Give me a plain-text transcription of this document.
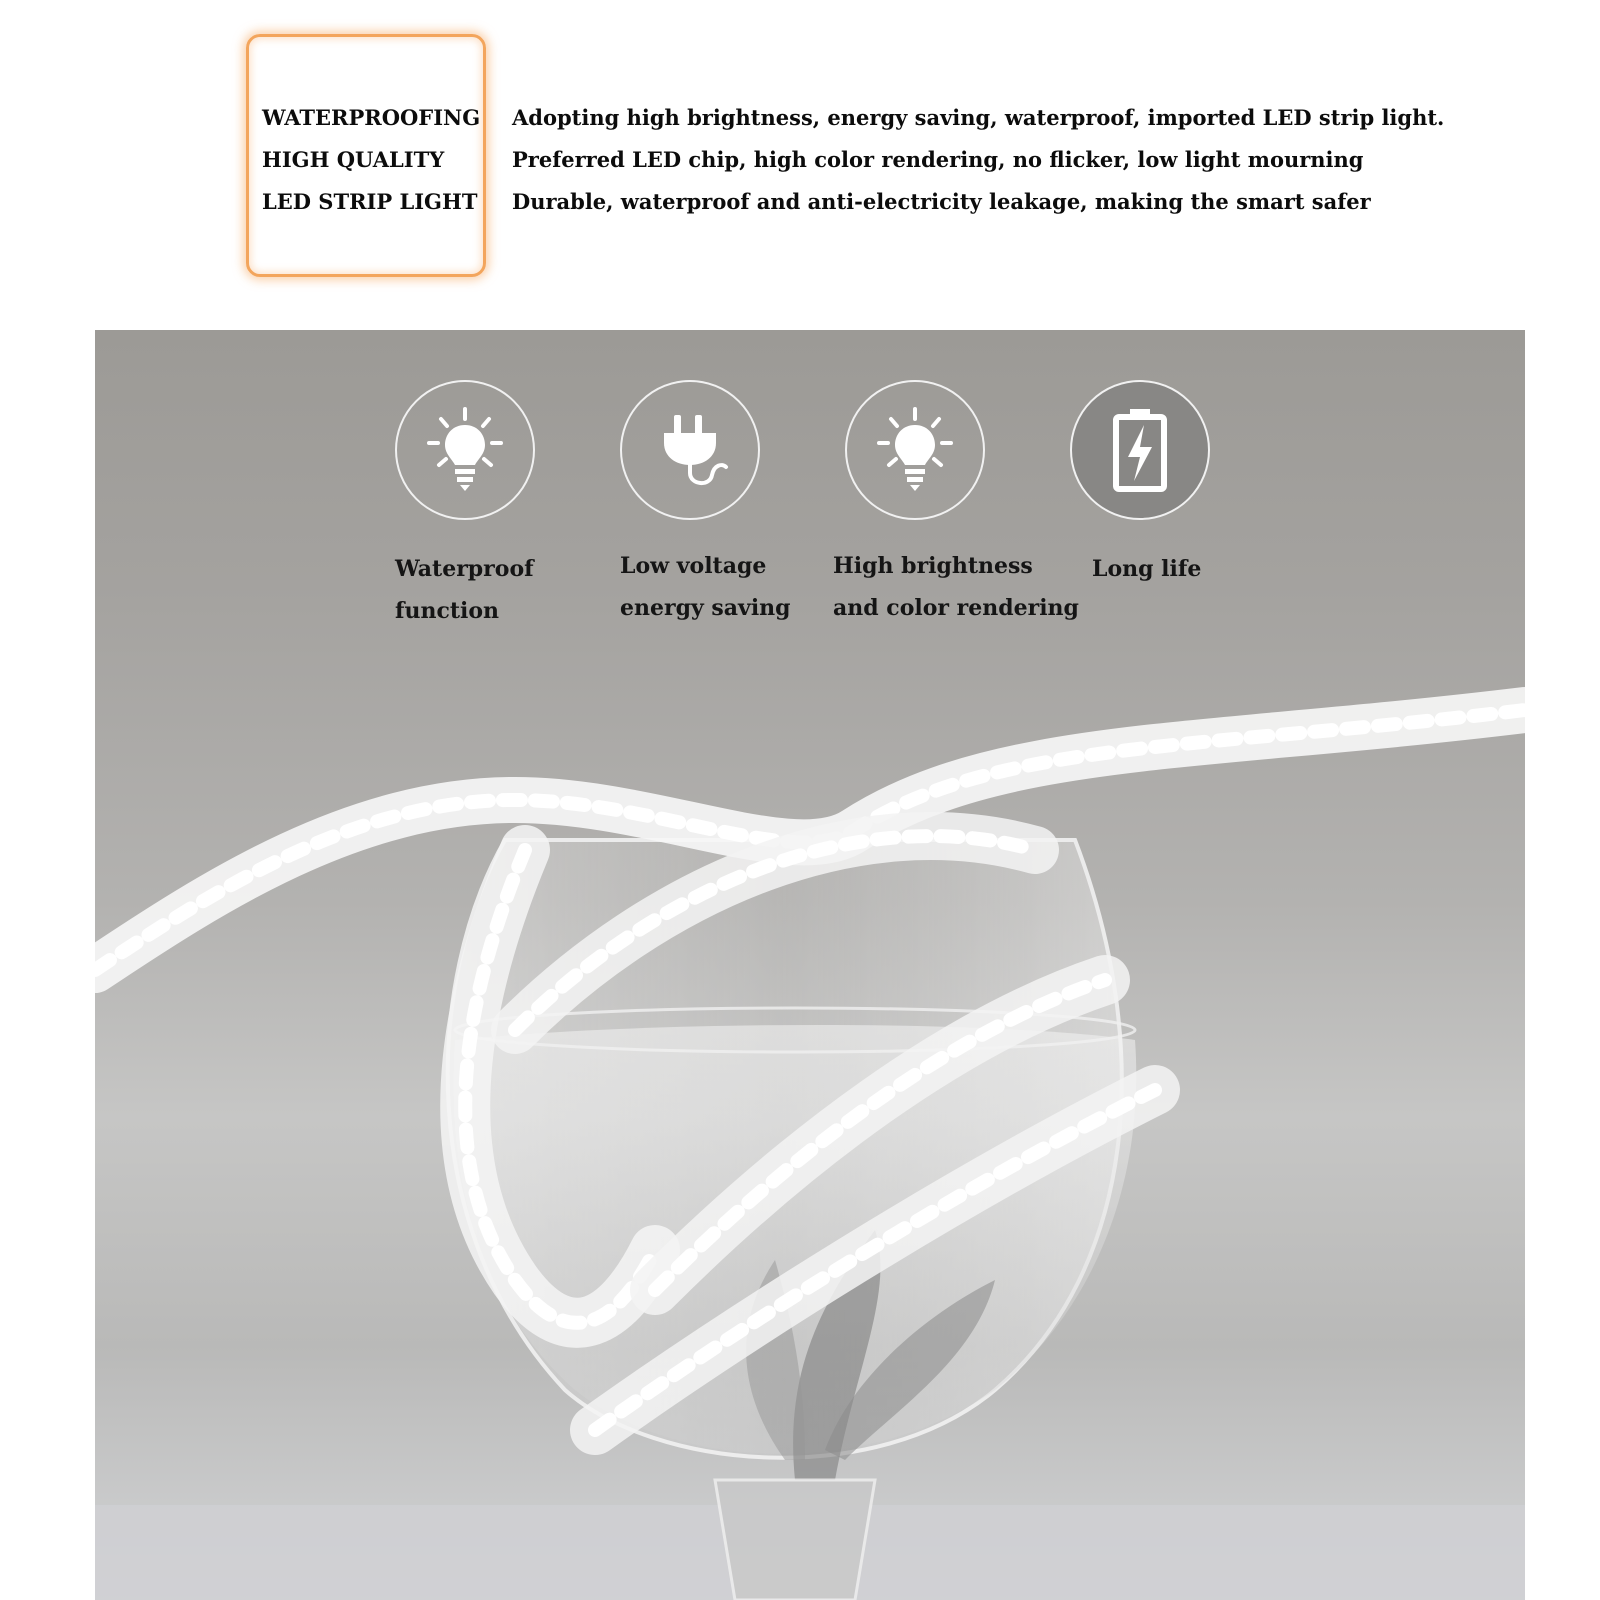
WATERPROOFING	Adopting high brightness, energy saving, waterproof, imported LED strip light.
HIGH QUALITY	Preferred LED chip, high color rendering, no flicker, low light mourning
LED STRIP LIGHT	Durable, waterproof and anti-electricity leakage, making the smart safer
Waterproof
function
Low voltage
energy saving
High brightness
and color rendering
Long life
